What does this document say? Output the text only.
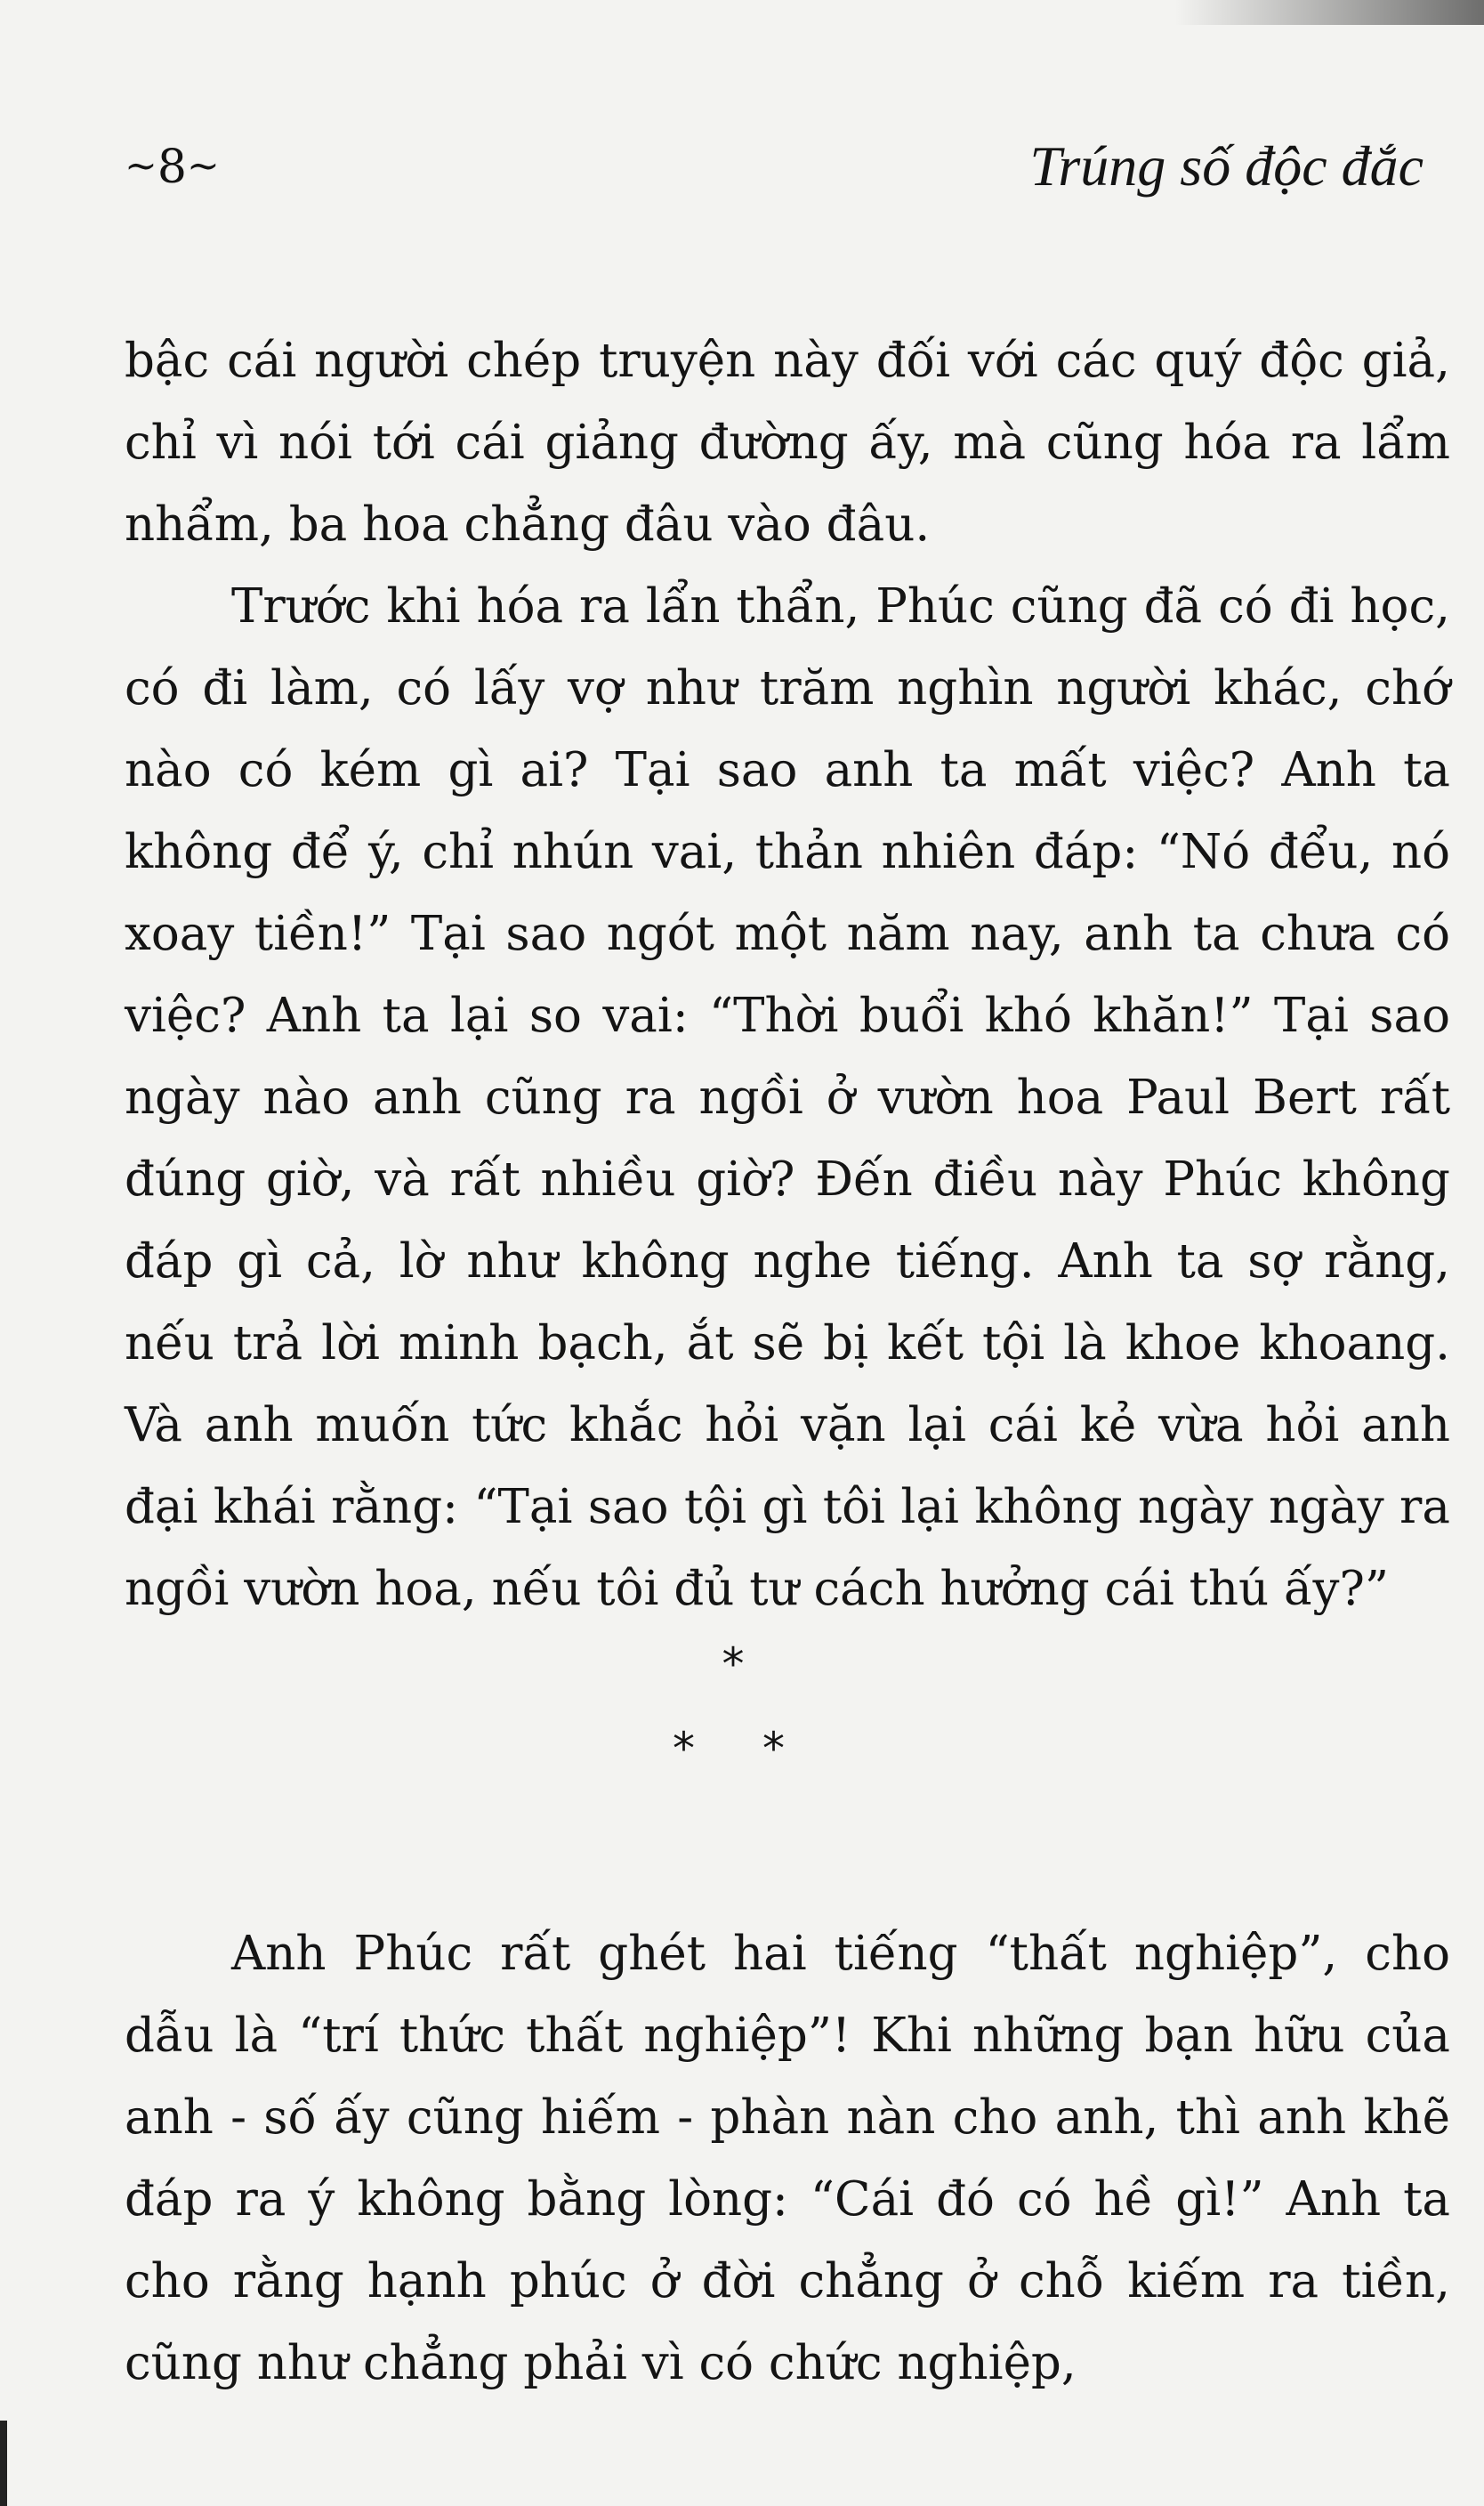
~8~	Trúng số độc đắc

bậc cái người chép truyện này đối với các quý độc giả, chỉ vì nói tới cái giảng đường ấy, mà cũng hóa ra lẩm nhẩm, ba hoa chẳng đâu vào đâu.

Trước khi hóa ra lẩn thẩn, Phúc cũng đã có đi học, có đi làm, có lấy vợ như trăm nghìn người khác, chớ nào có kém gì ai? Tại sao anh ta mất việc? Anh ta không để ý, chỉ nhún vai, thản nhiên đáp: “Nó đểu, nó xoay tiền!” Tại sao ngót một năm nay, anh ta chưa có việc? Anh ta lại so vai: “Thời buổi khó khăn!” Tại sao ngày nào anh cũng ra ngồi ở vườn hoa Paul Bert rất đúng giờ, và rất nhiều giờ? Đến điều này Phúc không đáp gì cả, lờ như không nghe tiếng. Anh ta sợ rằng, nếu trả lời minh bạch, ắt sẽ bị kết tội là khoe khoang. Và anh muốn tức khắc hỏi vặn lại cái kẻ vừa hỏi anh đại khái rằng: “Tại sao tội gì tôi lại không ngày ngày ra ngồi vườn hoa, nếu tôi đủ tư cách hưởng cái thú ấy?”

*
* *

Anh Phúc rất ghét hai tiếng “thất nghiệp”, cho dẫu là “trí thức thất nghiệp”! Khi những bạn hữu của anh - số ấy cũng hiếm - phàn nàn cho anh, thì anh khẽ đáp ra ý không bằng lòng: “Cái đó có hề gì!” Anh ta cho rằng hạnh phúc ở đời chẳng ở chỗ kiếm ra tiền, cũng như chẳng phải vì có chức nghiệp,
